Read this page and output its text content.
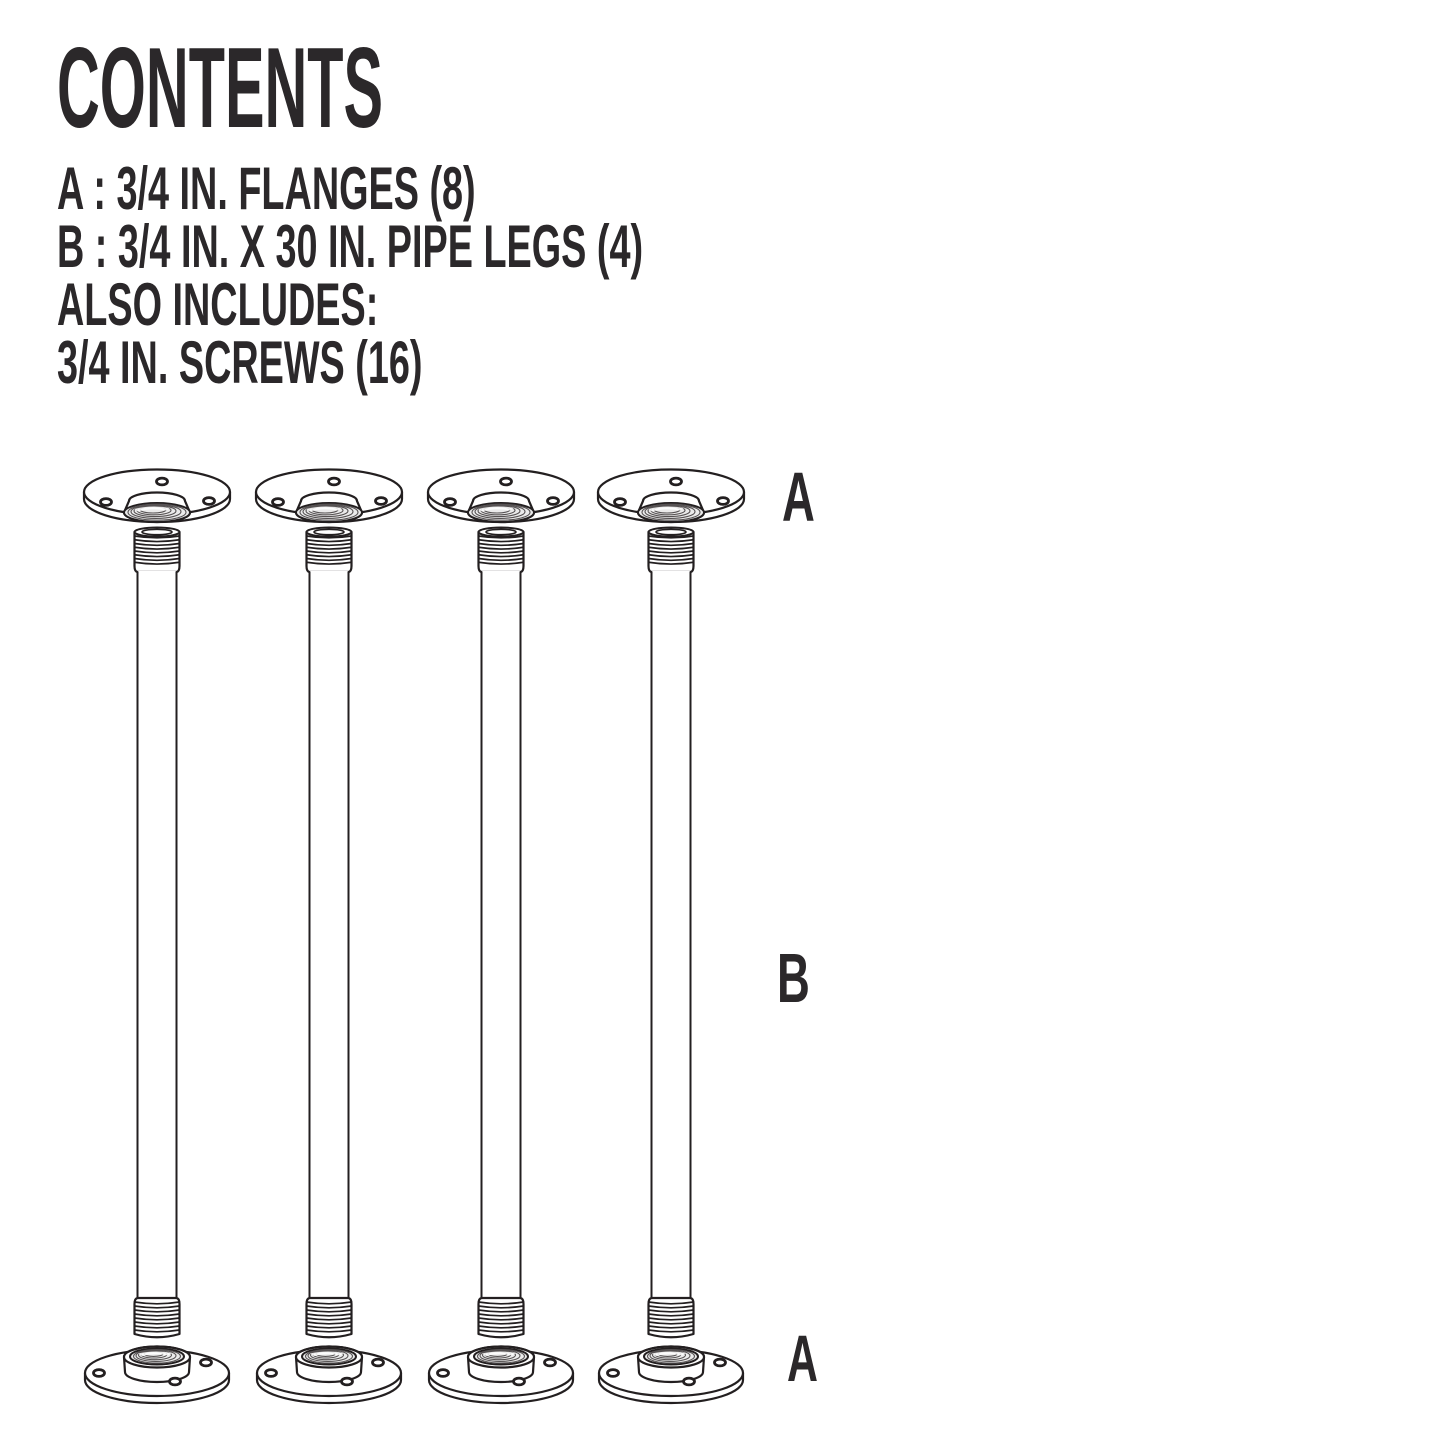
CONTENTS
A : 3/4 IN. FLANGES (8)
B : 3/4 IN. X 30 IN. PIPE LEGS (4)
ALSO INCLUDES:
3/4 IN. SCREWS (16)
A
B
A
